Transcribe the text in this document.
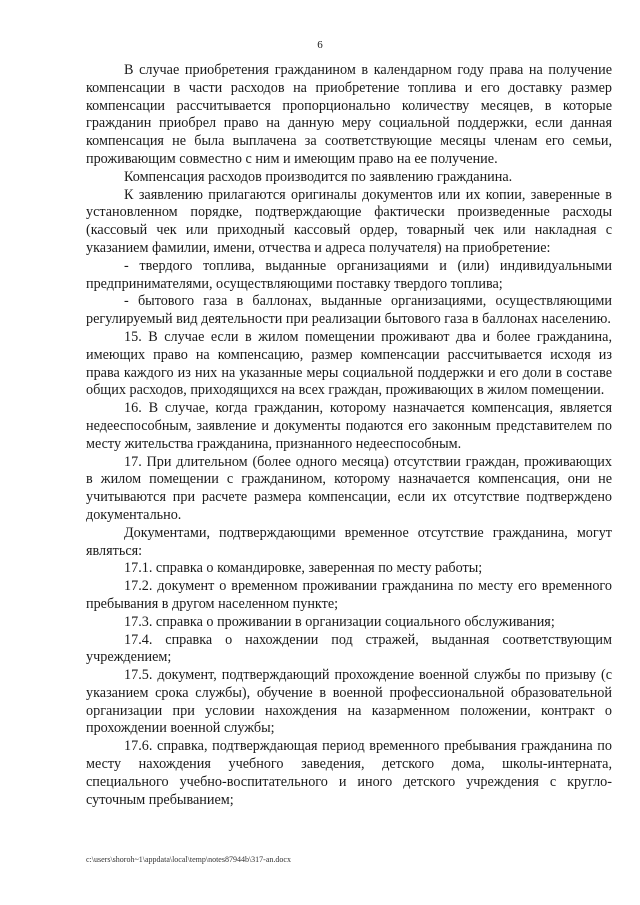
6

В случае приобретения гражданином в календарном году права на получение компенсации в части расходов на приобретение топлива и его доставку размер компенсации рассчитывается пропорционально количеству месяцев, в которые гражданин приобрел право на данную меру социальной поддержки, если данная компенсация не была выплачена за соответствующие месяцы членам его семьи, проживающим совместно с ним и имеющим право на ее получение.

Компенсация расходов производится по заявлению гражданина.

К заявлению прилагаются оригиналы документов или их копии, заверенные в установленном порядке, подтверждающие фактически произведенные расходы (кассовый чек или приходный кассовый ордер, товарный чек или накладная с указанием фамилии, имени, отчества и адреса получателя) на приобретение:

- твердого топлива, выданные организациями и (или) индивидуальными предпринимателями, осуществляющими поставку твердого топлива;

- бытового газа в баллонах, выданные организациями, осуществляющими регулируемый вид деятельности при реализации бытового газа в баллонах населению.

15. В случае если в жилом помещении проживают два и более гражданина, имеющих право на компенсацию, размер компенсации рассчитывается исходя из права каждого из них на указанные меры социальной поддержки и его доли в составе общих расходов, приходящихся на всех граждан, проживающих в жилом помещении.

16. В случае, когда гражданин, которому назначается компенсация, является недееспособным, заявление и документы подаются его законным представителем по месту жительства гражданина, признанного недееспособным.

17. При длительном (более одного месяца) отсутствии граждан, проживающих в жилом помещении с гражданином, которому назначается компенсация, они не учитываются при расчете размера компенсации, если их отсутствие подтверждено документально.

Документами, подтверждающими временное отсутствие гражданина, могут являться:

17.1. справка о командировке, заверенная по месту работы;

17.2. документ о временном проживании гражданина по месту его временного пребывания в другом населенном пункте;

17.3. справка о проживании в организации социального обслуживания;

17.4. справка о нахождении под стражей, выданная соответствующим учреждением;

17.5. документ, подтверждающий прохождение военной службы по призыву (с указанием срока службы), обучение в военной профессиональной образовательной организации при условии нахождения на казарменном положении, контракт о прохождении военной службы;

17.6. справка, подтверждающая период временного пребывания гражданина по месту нахождения учебного заведения, детского дома, школы-интерната, специального учебно-воспитательного и иного детского учреждения с кругло-суточным пребыванием;

c:\users\shoroh~1\appdata\local\temp\notes87944b\317-an.docx
